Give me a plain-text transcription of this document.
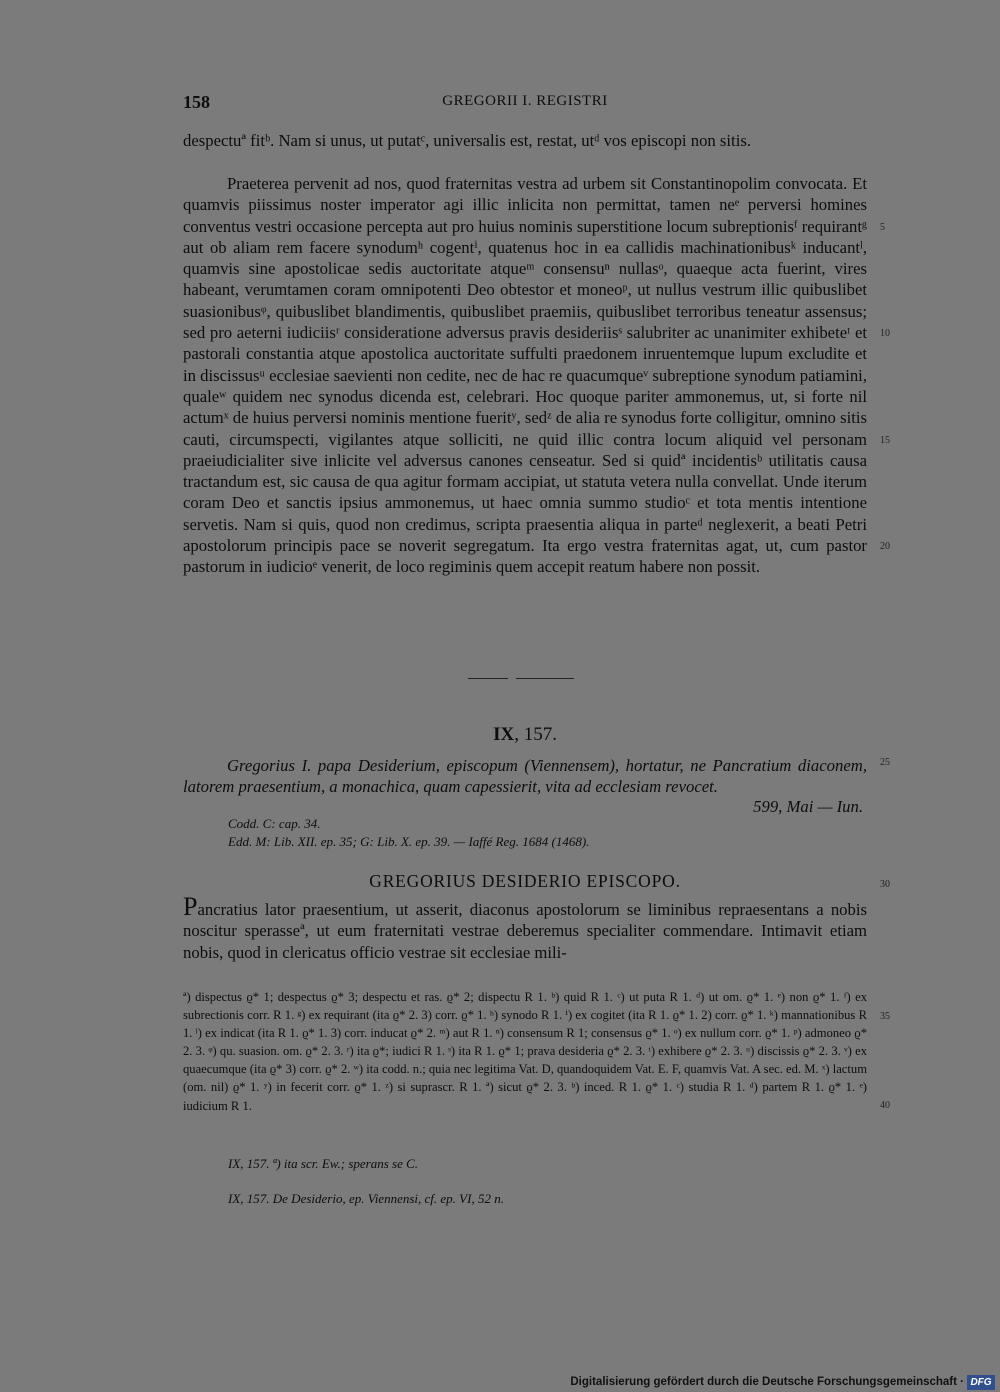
158	GREGORII I. REGISTRI

despectuª fitᵇ. Nam si unus, ut putatᶜ, universalis est, restat, utᵈ vos episcopi non sitis.

Praeterea pervenit ad nos, quod fraternitas vestra ad urbem sit Constantinopolim convocata. Et quamvis piissimus noster imperator agi illic inlicita non permittat, tamen neᵉ perversi homines conventus vestri occasione percepta aut pro huius nominis superstitione locum subreptionisᶠ requirantᵍ aut ob aliam rem facere synodumʰ cogentⁱ, quatenus hoc in ea callidis machinationibusᵏ inducantˡ, quamvis sine apostolicae sedis auctoritate atqueᵐ consensuⁿ nullasᵒ, quaeque acta fuerint, vires habeant, verumtamen coram omnipotenti Deo obtestor et moneoᵖ, ut nullus vestrum illic quibuslibet suasionibusᵠ, quibuslibet blandimentis, quibuslibet praemiis, quibuslibet terroribus teneatur assensus; sed pro aeterni iudiciisʳ consideratione adversus pravis desideriisˢ salubriter ac unanimiter exhibeteᵗ et pastorali constantia atque apostolica auctoritate suffulti praedonem inruentemque lupum excludite et in discissusᵘ ecclesiae saevienti non cedite, nec de hac re quacumqueᵛ subreptione synodum patiamini, qualeʷ quidem nec synodus dicenda est, celebrari. Hoc quoque pariter ammonemus, ut, si forte nil actumˣ de huius perversi nominis mentione fueritʸ, sedᶻ de alia re synodus forte colligitur, omnino sitis cauti, circumspecti, vigilantes atque solliciti, ne quid illic contra locum aliquid vel personam praeiudicialiter sive inlicite vel adversus canones censeatur. Sed si quidª incidentisᵇ utilitatis causa tractandum est, sic causa de qua agitur formam accipiat, ut statuta vetera nulla convellat. Unde iterum coram Deo et sanctis ipsius ammonemus, ut haec omnia summo studioᶜ et tota mentis intentione servetis. Nam si quis, quod non credimus, scripta praesentia aliqua in parteᵈ neglexerit, a beati Petri apostolorum principis pace se noverit segregatum. Ita ergo vestra fraternitas agat, ut, cum pastor pastorum in iudicioᵉ venerit, de loco regiminis quem accepit reatum habere non possit.

5
10
15
20
25
30
35
40
IX, 157.

Gregorius I. papa Desiderium, episcopum (Viennensem), hortatur, ne Pancratium diaconem, latorem praesentium, a monachica, quam capessierit, vita ad ecclesiam revocet.

599, Mai — Iun.
Codd. C: cap. 34.
Edd. M: Lib. XII. ep. 35; G: Lib. X. ep. 39. — Iaffé Reg. 1684 (1468).
GREGORIUS DESIDERIO EPISCOPO.

Pancratius lator praesentium, ut asserit, diaconus apostolorum se liminibus repraesentans a nobis noscitur sperasseª, ut eum fraternitati vestrae deberemus specialiter commendare. Intimavit etiam nobis, quod in clericatus officio vestrae sit ecclesiae mili-

ª) dispectus ϱ* 1; despectus ϱ* 3; despectu et ras. ϱ* 2; dispectu R 1. ᵇ) quid R 1. ᶜ) ut puta R 1. ᵈ) ut om. ϱ* 1. ᵉ) non ϱ* 1. ᶠ) ex subrectionis corr. R 1. ᵍ) ex requirant (ita ϱ* 2. 3) corr. ϱ* 1. ʰ) synodo R 1. ⁱ) ex cogitet (ita R 1. ϱ* 1. 2) corr. ϱ* 1. ᵏ) mannationibus R 1. ˡ) ex indicat (ita R 1. ϱ* 1. 3) corr. inducat ϱ* 2. ᵐ) aut R 1. ⁿ) consensum R 1; consensus ϱ* 1. ᵒ) ex nullum corr. ϱ* 1. ᵖ) admoneo ϱ* 2. 3. ᵠ) qu. suasion. om. ϱ* 2. 3. ʳ) ita ϱ*; iudici R 1. ˢ) ita R 1. ϱ* 1; prava desideria ϱ* 2. 3. ᵗ) exhibere ϱ* 2. 3. ᵘ) discissis ϱ* 2. 3. ᵛ) ex quaecumque (ita ϱ* 3) corr. ϱ* 2. ʷ) ita codd. n.; quia nec legitima Vat. D, quandoquidem Vat. E. F, quamvis Vat. A sec. ed. M. ˣ) lactum (om. nil) ϱ* 1. ʸ) in fecerit corr. ϱ* 1. ᶻ) si suprascr. R 1. ª) sicut ϱ* 2. 3. ᵇ) inced. R 1. ϱ* 1. ᶜ) studia R 1. ᵈ) partem R 1. ϱ* 1. ᵉ) iudicium R 1.

IX, 157. ª) ita scr. Ew.; sperans se C.
IX, 157. De Desiderio, ep. Viennensi, cf. ep. VI, 52 n.
Digitalisierung gefördert durch die Deutsche Forschungsgemeinschaft · DFG
